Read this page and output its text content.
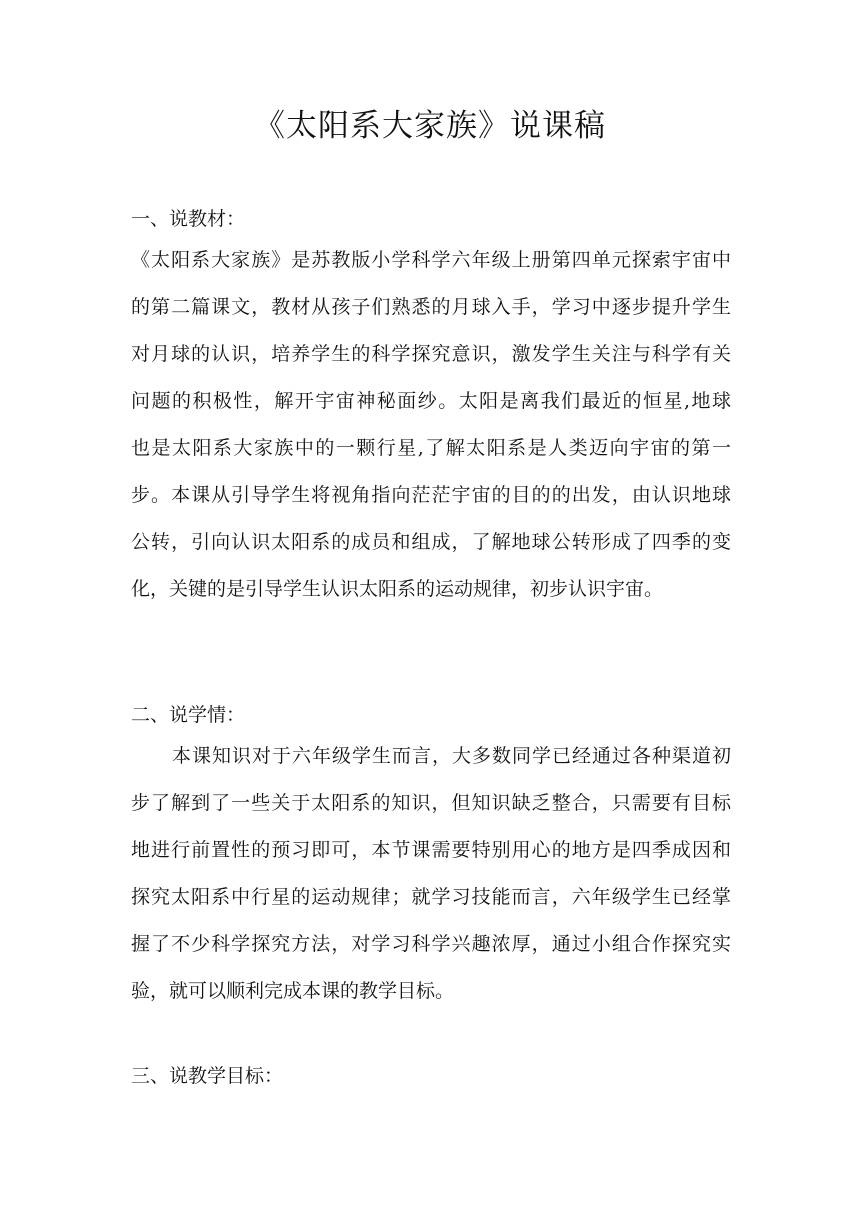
《太阳系大家族》说课稿
一、说教材：
《太阳系大家族》是苏教版小学科学六年级上册第四单元探索宇宙中
的第二篇课文，教材从孩子们熟悉的月球入手，学习中逐步提升学生
对月球的认识，培养学生的科学探究意识，激发学生关注与科学有关
问题的积极性，解开宇宙神秘面纱。太阳是离我们最近的恒星,地球
也是太阳系大家族中的一颗行星,了解太阳系是人类迈向宇宙的第一
步。本课从引导学生将视角指向茫茫宇宙的目的的出发，由认识地球
公转，引向认识太阳系的成员和组成，了解地球公转形成了四季的变
化，关键的是引导学生认识太阳系的运动规律，初步认识宇宙。
二、说学情：
本课知识对于六年级学生而言，大多数同学已经通过各种渠道初
步了解到了一些关于太阳系的知识，但知识缺乏整合，只需要有目标
地进行前置性的预习即可，本节课需要特别用心的地方是四季成因和
探究太阳系中行星的运动规律；就学习技能而言，六年级学生已经掌
握了不少科学探究方法，对学习科学兴趣浓厚，通过小组合作探究实
验，就可以顺利完成本课的教学目标。
三、说教学目标：
